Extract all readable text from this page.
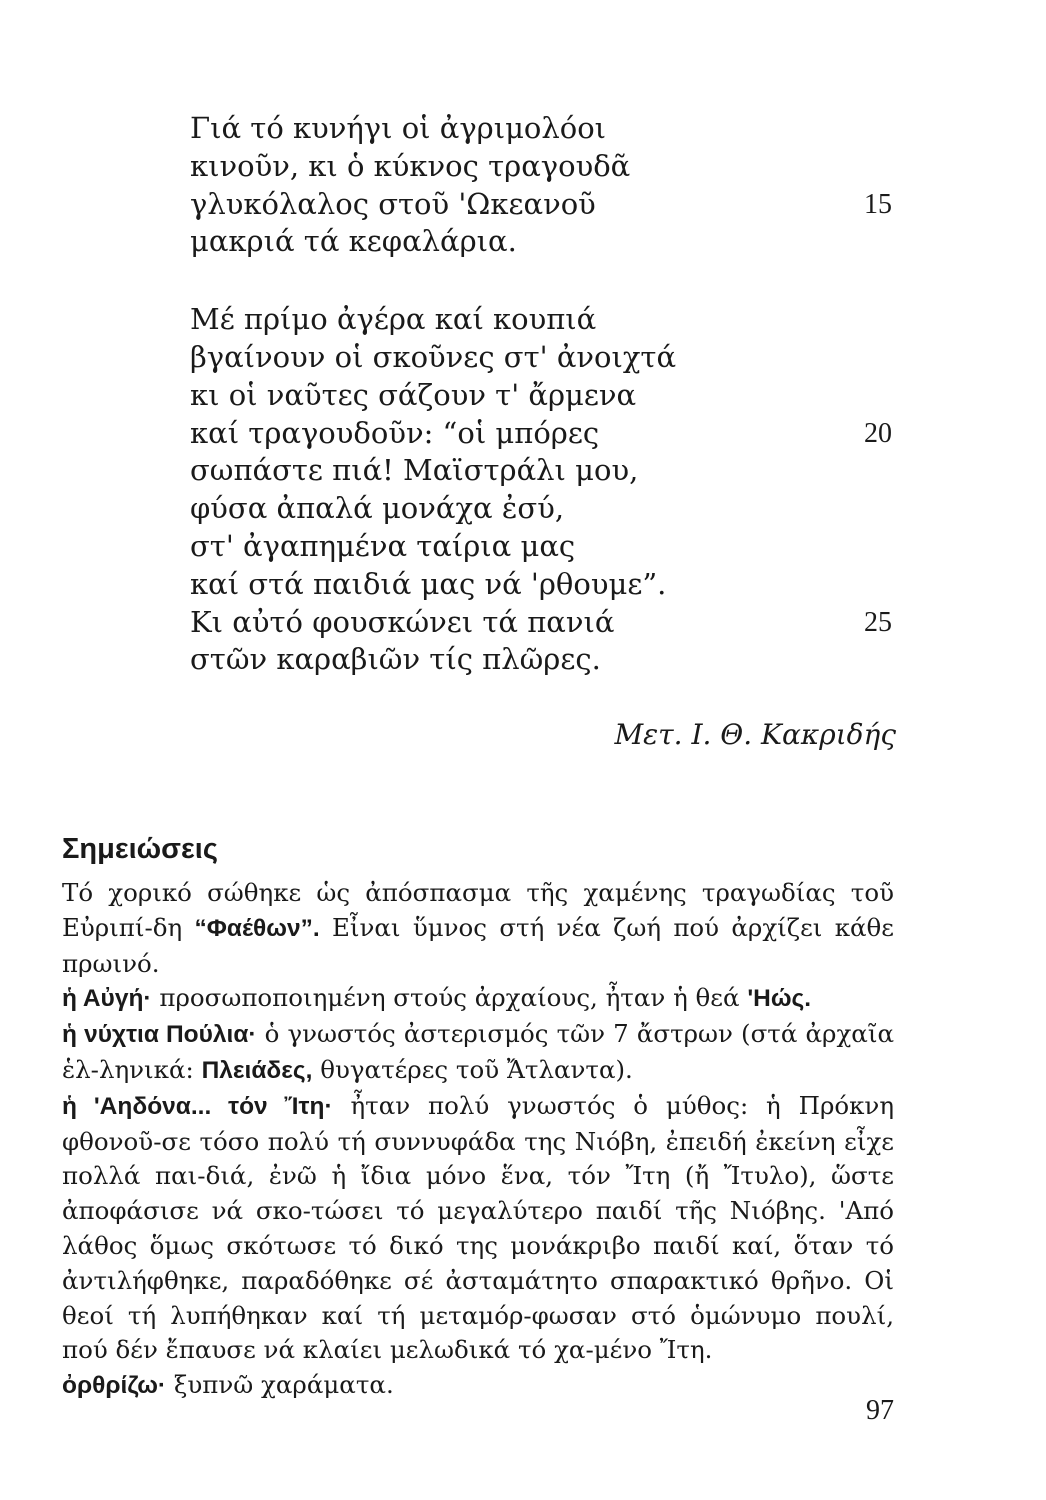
Γιά τό κυνήγι οἱ ἀγριμολόοι
κινοῦν, κι ὁ κύκνος τραγουδᾶ
γλυκόλαλος στοῦ 'Ωκεανοῦ	15
μακριά τά κεφαλάρια.
Μέ πρίμο ἀγέρα καί κουπιά
βγαίνουν οἱ σκοῦνες στ' ἀνοιχτά
κι οἱ ναῦτες σάζουν τ' ἄρμενα
καί τραγουδοῦν: “οἱ μπόρες	20
σωπάστε πιά! Μαϊστράλι μου,
φύσα ἀπαλά μονάχα ἐσύ,
στ' ἀγαπημένα ταίρια μας
καί στά παιδιά μας νά 'ρθουμε”.
Κι αὐτό φουσκώνει τά πανιά	25
στῶν καραβιῶν τίς πλῶρες.
Μετ. Ι. Θ. Κακριδής
Σημειώσεις

Τό χορικό σώθηκε ὡς ἀπόσπασμα τῆς χαμένης τραγωδίας τοῦ Εὐριπί-δη “Φαέθων”. Εἶναι ὕμνος στή νέα ζωή πού ἀρχίζει κάθε πρωινό.

ἡ Αὐγή· προσωποποιημένη στούς ἀρχαίους, ἦταν ἡ θεά 'Ηώς.

ἡ νύχτια Πούλια· ὁ γνωστός ἀστερισμός τῶν 7 ἄστρων (στά ἀρχαῖα ἑλ-ληνικά: Πλειάδες, θυγατέρες τοῦ Ἄτλαντα).

ἡ 'Αηδόνα... τόν Ἴτη· ἦταν πολύ γνωστός ὁ μύθος: ἡ Πρόκνη φθονοῦ-σε τόσο πολύ τή συννυφάδα της Νιόβη, ἐπειδή ἐκείνη εἶχε πολλά παι-διά, ἐνῶ ἡ ἴδια μόνο ἕνα, τόν Ἴτη (ἤ Ἴτυλο), ὥστε ἀποφάσισε νά σκο-τώσει τό μεγαλύτερο παιδί τῆς Νιόβης. 'Από λάθος ὅμως σκότωσε τό δικό της μονάκριβο παιδί καί, ὅταν τό ἀντιλήφθηκε, παραδόθηκε σέ ἀσταμάτητο σπαρακτικό θρῆνο. Οἱ θεοί τή λυπήθηκαν καί τή μεταμόρ-φωσαν στό ὁμώνυμο πουλί, πού δέν ἔπαυσε νά κλαίει μελωδικά τό χα-μένο Ἴτη.

ὀρθρίζω· ξυπνῶ χαράματα.

97
